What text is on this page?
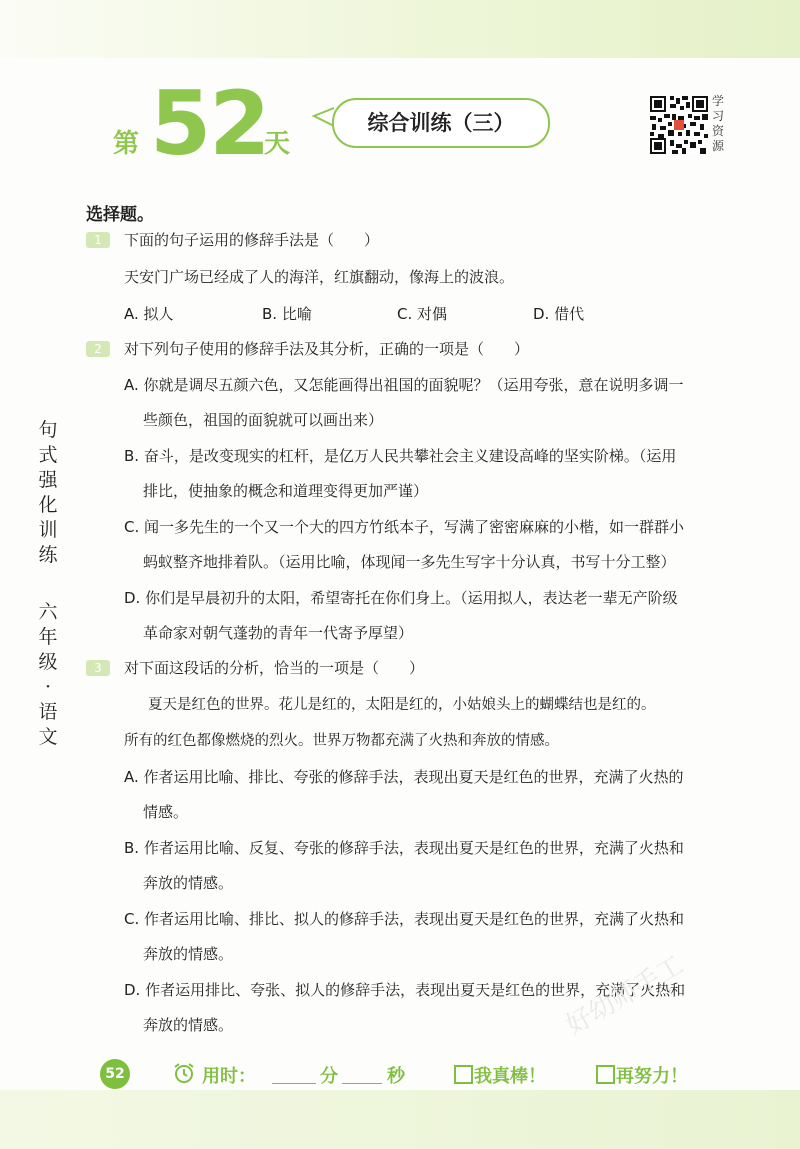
第 52
天
综合训练（三）
学
习
资
源
句
式
强
化
训
练
六
年
级
·
语
文
选择题。
1	下面的句子运用的修辞手法是（　　）
天安门广场已经成了人的海洋，红旗翻动，像海上的波浪。
A. 拟人	B. 比喻	C. 对偶	D. 借代
2	对下列句子使用的修辞手法及其分析，正确的一项是（　　）
A. 你就是调尽五颜六色，又怎能画得出祖国的面貌呢？（运用夸张，意在说明多调一
些颜色，祖国的面貌就可以画出来）
B. 奋斗，是改变现实的杠杆，是亿万人民共攀社会主义建设高峰的坚实阶梯。（运用
排比，使抽象的概念和道理变得更加严谨）
C. 闻一多先生的一个又一个大的四方竹纸本子，写满了密密麻麻的小楷，如一群群小
蚂蚁整齐地排着队。（运用比喻，体现闻一多先生写字十分认真，书写十分工整）
D. 你们是早晨初升的太阳，希望寄托在你们身上。（运用拟人，表达老一辈无产阶级
革命家对朝气蓬勃的青年一代寄予厚望）
3	对下面这段话的分析，恰当的一项是（　　）
夏天是红色的世界。花儿是红的，太阳是红的，小姑娘头上的蝴蝶结也是红的。
所有的红色都像燃烧的烈火。世界万物都充满了火热和奔放的情感。
A. 作者运用比喻、排比、夸张的修辞手法，表现出夏天是红色的世界，充满了火热的
情感。
B. 作者运用比喻、反复、夸张的修辞手法，表现出夏天是红色的世界，充满了火热和
奔放的情感。
C. 作者运用比喻、排比、拟人的修辞手法，表现出夏天是红色的世界，充满了火热和
奔放的情感。
D. 作者运用排比、夸张、拟人的修辞手法，表现出夏天是红色的世界，充满了火热和
奔放的情感。	好幼师手工
52	用时：	分	秒	我真棒！	再努力！
